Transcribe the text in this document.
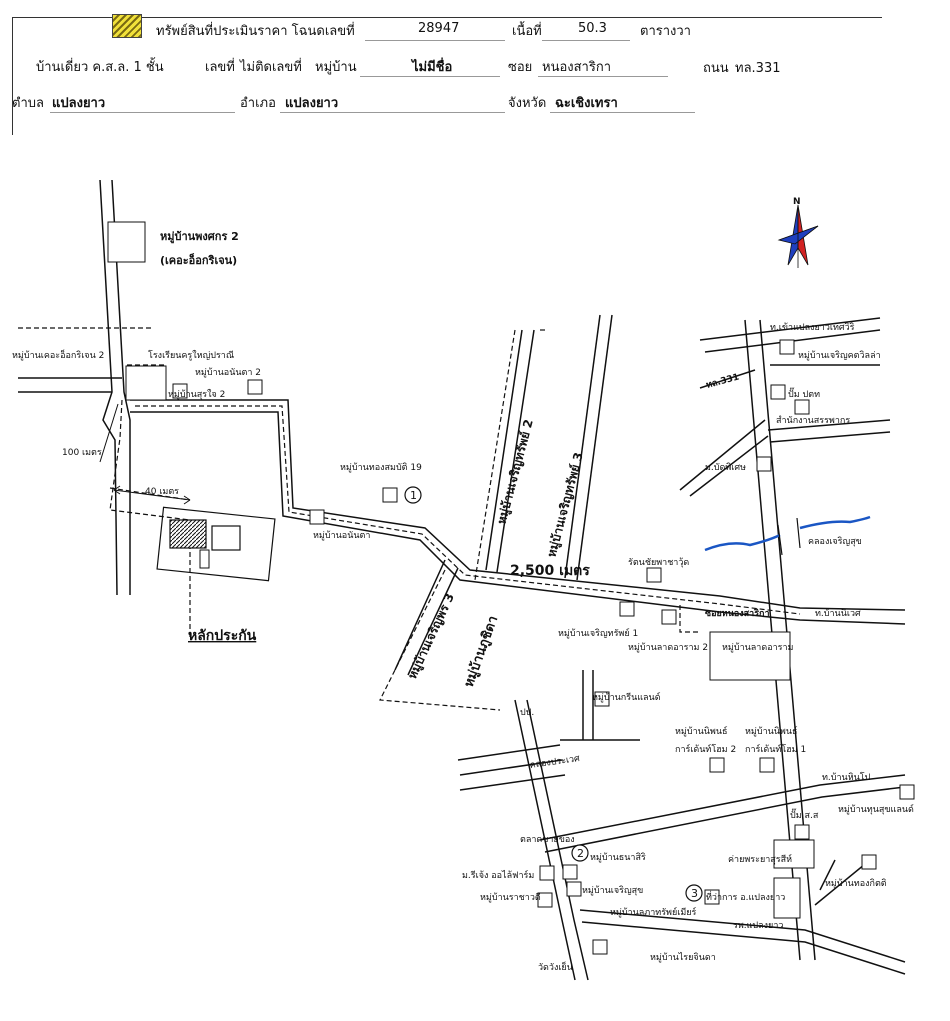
ทรัพย์สินที่ประเมินราคา โฉนดเลขที่	28947	เนื้อที่	50.3	ตารางวา
บ้านเดี่ยว ค.ส.ล. 1 ชั้น	เลขที่ ไม่ติดเลขที่ หมู่บ้าน	ไม่มีชื่อ	ซอย หนองสาริกา	ถนน ทล.331
ตำบล แปลงยาว	อำเภอ แปลงยาว	จังหวัด ฉะเชิงเทรา
1
2
3
N
หมู่บ้านพงศกร 2
(เคอะอ็อกริเจน)
หมู่บ้านเคอะอ็อกริเจน 2	โรงเรียนครูใหญ่ปราณี
หมู่บ้านอนันตา 2
หมู่บ้านสุรใจ 2
100 เมตร
40 เมตร
หลักประกัน
หมู่บ้านทองสมบัติ 19
หมู่บ้านอนันตา
หมู่บ้านเจริญทรัพย์ 2 หมู่บ้านเจริญทรัพย์ 3
หมู่บ้านเจริญพร 3 หมู่บ้านภูชิดา
2,500 เมตร	รัตนชัยพาชาวุ้ด
ซอยหนองสาริกา	ท.บ้านนิเวศ
หมู่บ้านเจริญทรัพย์ 1
หมู่บ้านลาดอาราม 2 หมู่บ้านลาดอาราม
คลองเจริญสุข
หมู่บ้านกรีนแลนด์
หมู่บ้านนิพนธ์
การ์เด้นท์โฮม 2
หมู่บ้านนิพนธ์
การ์เด้นท์โฮม 1
ท.เข้าแปลงยาวเทศวิริ
หมู่บ้านเจริญคตวิลล่า
ทล.331
ปั๊ม ปตท
สำนักงานสรรพากร
ม.บัดพิเศษ
ท.บ้านหินโป
ปั๊ม ส.ส
หมู่บ้านทุนสุขแลนด์
ค่ายพระยาสุรสีห์
หมู่บ้านทองกิตติ
คลองประเวศ
ปป.
ตลาดขายของ
หมู่บ้านธนาสิริ
หมู่บ้านเจริญสุข
ม.รีเจ้ง ออไล้ฟาร์ม
หมู่บ้านราชาวดี
หมู่บ้านลภาทรัพย์เมียร์
ที่ว่าการ อ.แปลงยาว
รพ.แปลงยาว
วัดวังเย็น
หมู่บ้านไรยจินดา
